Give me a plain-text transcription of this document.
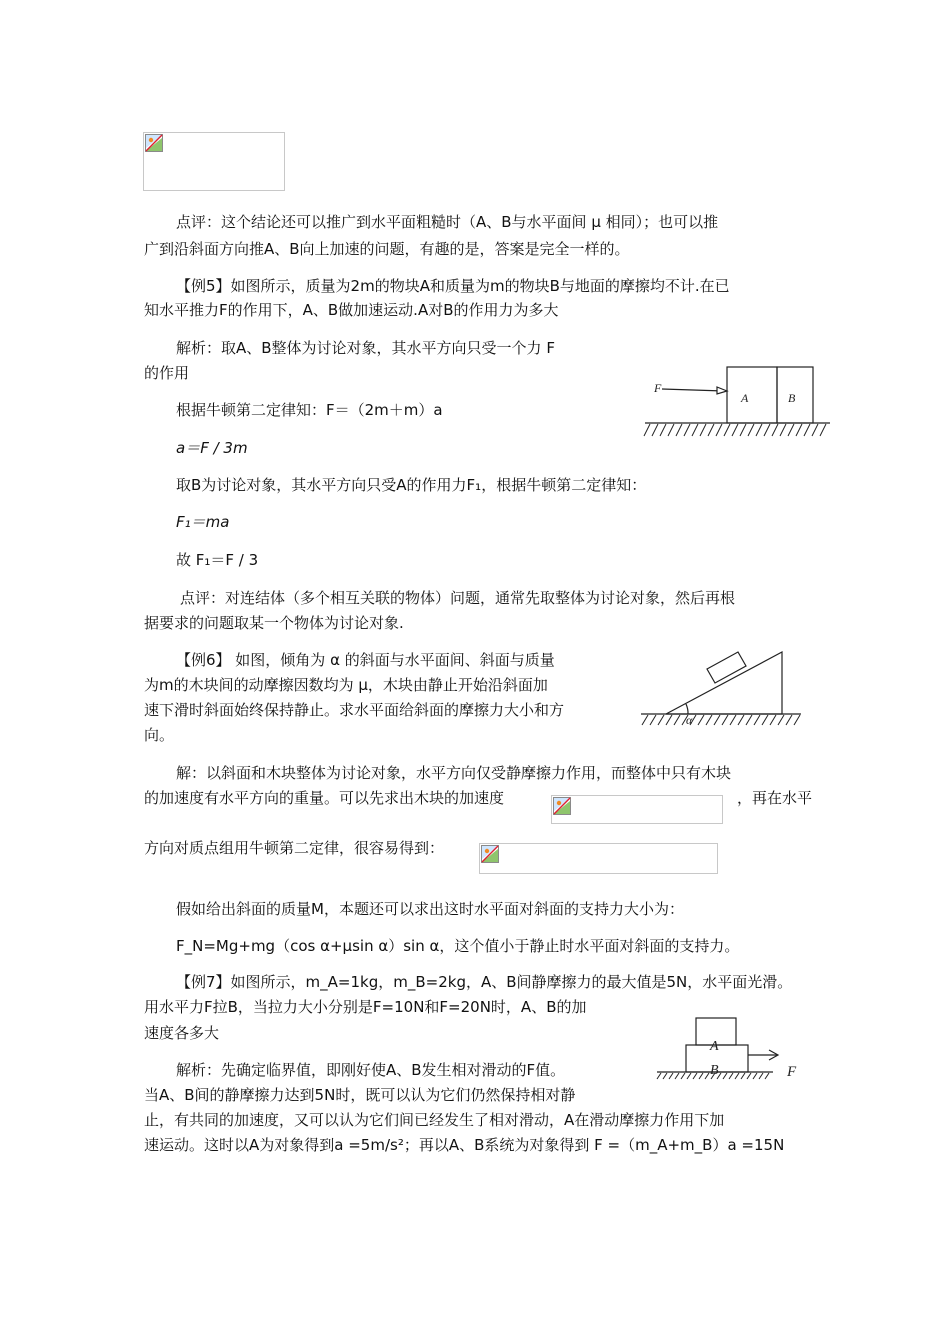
点评：这个结论还可以推广到水平面粗糙时（A、B与水平面间 μ 相同）；也可以推
广到沿斜面方向推A、B向上加速的问题，有趣的是，答案是完全一样的。
【例5】如图所示，质量为2m的物块A和质量为m的物块B与地面的摩擦均不计.在已
知水平推力F的作用下，A、B做加速运动.A对B的作用力为多大
解析：取A、B整体为讨论对象，其水平方向只受一个力 F
的作用
根据牛顿第二定律知：F＝（2m＋m）a
a＝F / 3m
取B为讨论对象，其水平方向只受A的作用力F₁，根据牛顿第二定律知：
F₁＝ma
故 F₁＝F / 3
点评：对连结体（多个相互关联的物体）问题，通常先取整体为讨论对象，然后再根
据要求的问题取某一个物体为讨论对象.
【例6】 如图，倾角为 α 的斜面与水平面间、斜面与质量
为m的木块间的动摩擦因数均为 μ，木块由静止开始沿斜面加
速下滑时斜面始终保持静止。求水平面给斜面的摩擦力大小和方
向。
解：以斜面和木块整体为讨论对象，水平方向仅受静摩擦力作用，而整体中只有木块
的加速度有水平方向的重量。可以先求出木块的加速度	，再在水平
方向对质点组用牛顿第二定律，很容易得到：
假如给出斜面的质量M，本题还可以求出这时水平面对斜面的支持力大小为：
F_N=Mg+mg（cos α+μsin α）sin α，这个值小于静止时水平面对斜面的支持力。
【例7】如图所示，m_A=1kg，m_B=2kg，A、B间静摩擦力的最大值是5N，水平面光滑。
用水平力F拉B，当拉力大小分别是F=10N和F=20N时，A、B的加
速度各多大
解析：先确定临界值，即刚好使A、B发生相对滑动的F值。
当A、B间的静摩擦力达到5N时，既可以认为它们仍然保持相对静
止，有共同的加速度，又可以认为它们间已经发生了相对滑动，A在滑动摩擦力作用下加
速运动。这时以A为对象得到a =5m/s²；再以A、B系统为对象得到 F =（m_A+m_B）a =15N
F
A	B
α
A
B	F
